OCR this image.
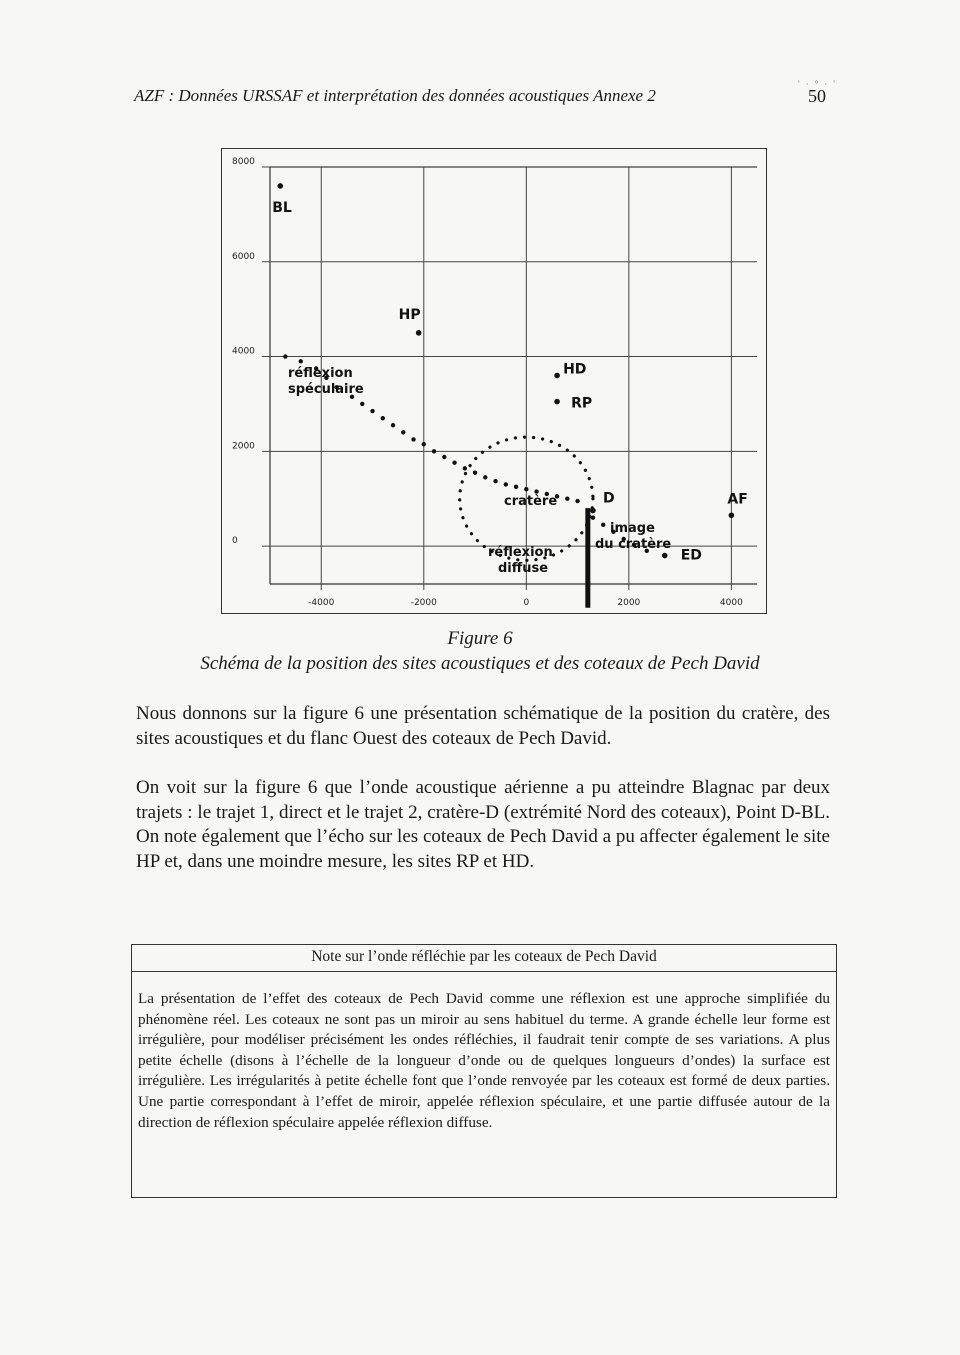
AZF : Données URSSAF et interprétation des données acoustiques Annexe 2
'·°·'
50
8000
6000
4000
2000
0
-4000	-2000	0	2000	4000
BL
HP
HD
RP
D
ED
AF
réflexion
spéculaire
réflexion
diffuse
cratère
image
du cratère
Figure 6
Schéma de la position des sites acoustiques et des coteaux de Pech David

Nous donnons sur la figure 6 une présentation schématique de la position du cratère, des sites acoustiques et du flanc Ouest des coteaux de Pech David.

On voit sur la figure 6 que l’onde acoustique aérienne a pu atteindre Blagnac par deux trajets : le trajet 1, direct et le trajet 2, cratère-D (extrémité Nord des coteaux), Point D-BL. On note également que l’écho sur les coteaux de Pech David a pu affecter également le site HP et, dans une moindre mesure, les sites RP et HD.

Note sur l’onde réfléchie par les coteaux de Pech David

La présentation de l’effet des coteaux de Pech David comme une réflexion est une approche simplifiée du phénomène réel. Les coteaux ne sont pas un miroir au sens habituel du terme. A grande échelle leur forme est irrégulière, pour modéliser précisément les ondes réfléchies, il faudrait tenir compte de ses variations. A plus petite échelle (disons à l’échelle de la longueur d’onde ou de quelques longueurs d’ondes) la surface est irrégulière. Les irrégularités à petite échelle font que l’onde renvoyée par les coteaux est formé de deux parties. Une partie correspondant à l’effet de miroir, appelée réflexion spéculaire, et une partie diffusée autour de la direction de réflexion spéculaire appelée réflexion diffuse.
